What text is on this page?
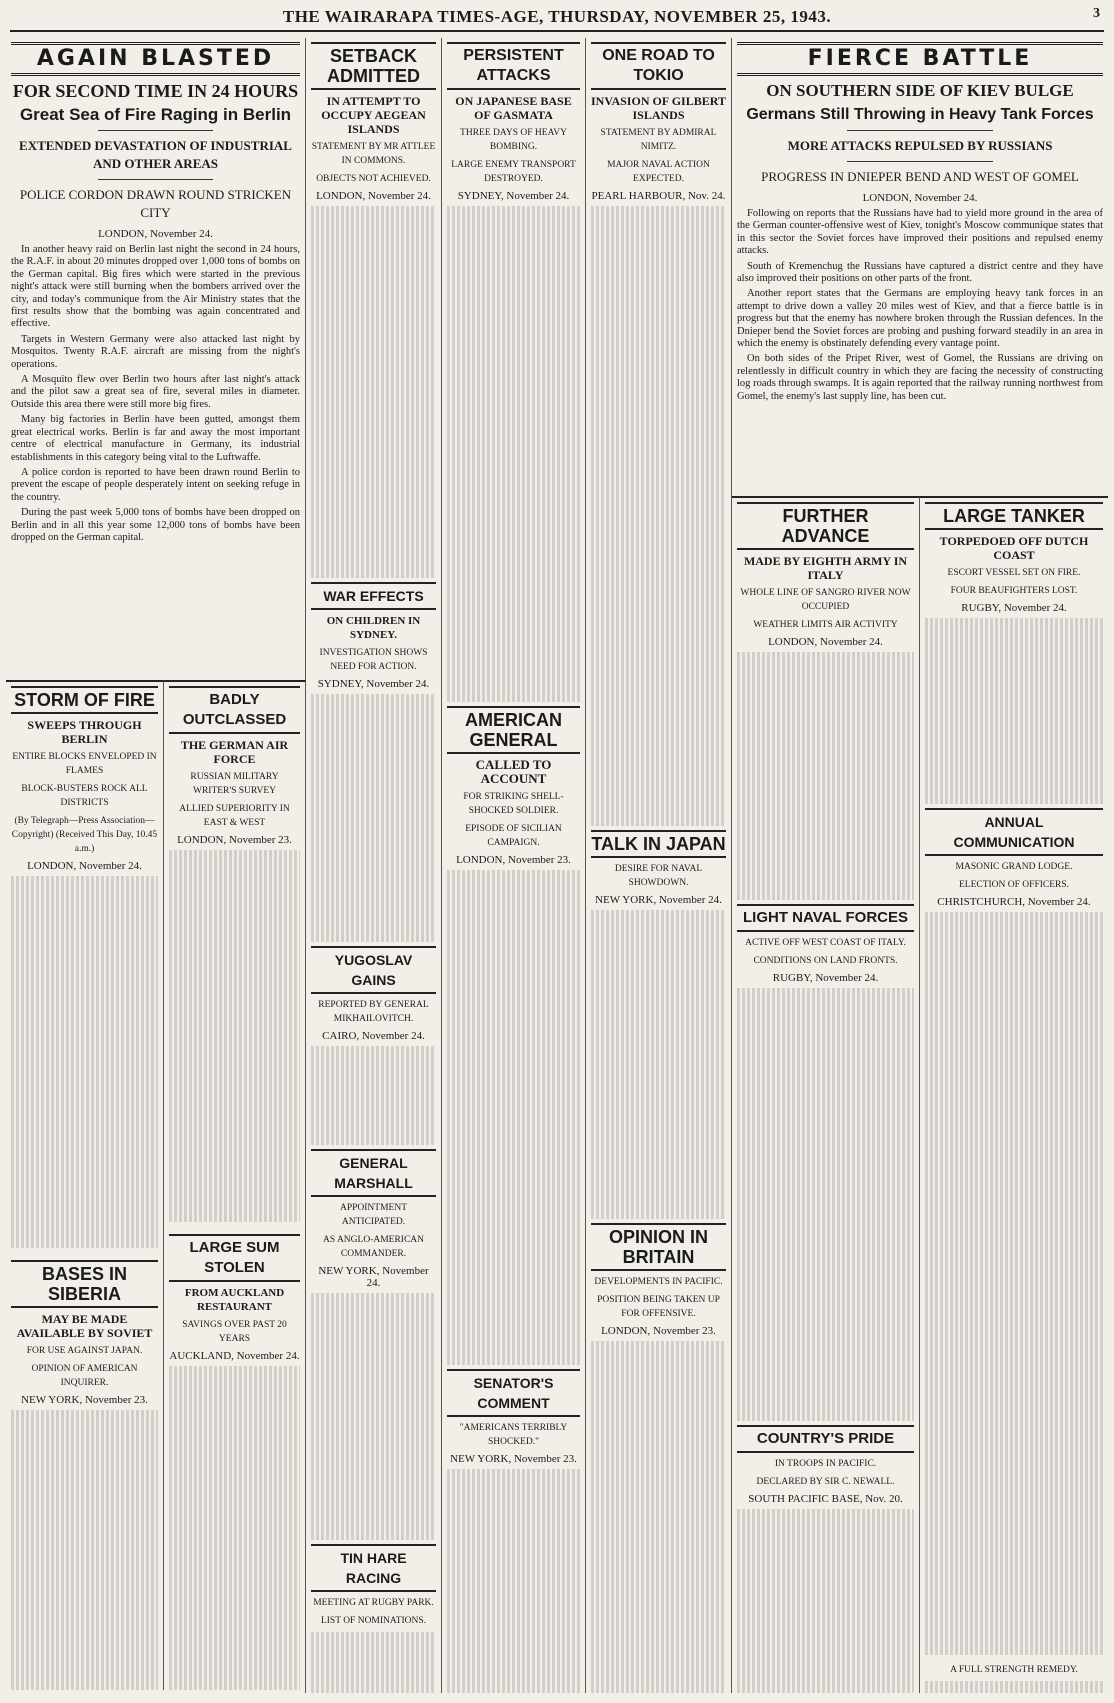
THE WAIRARAPA TIMES-AGE, THURSDAY, NOVEMBER 25, 1943.	3
AGAIN BLASTED
FOR SECOND TIME IN 24 HOURS
Great Sea of Fire Raging in Berlin
EXTENDED DEVASTATION OF INDUSTRIAL AND OTHER AREAS
POLICE CORDON DRAWN ROUND STRICKEN CITY
LONDON, November 24.

In another heavy raid on Berlin last night the second in 24 hours, the R.A.F. in about 20 minutes dropped over 1,000 tons of bombs on the German capital. Big fires which were started in the previous night's attack were still burning when the bombers arrived over the city, and today's communique from the Air Ministry states that the first results show that the bombing was again concentrated and effective.

Targets in Western Germany were also attacked last night by Mosquitos. Twenty R.A.F. aircraft are missing from the night's operations.

A Mosquito flew over Berlin two hours after last night's attack and the pilot saw a great sea of fire, several miles in diameter. Outside this area there were still more big fires.

Many big factories in Berlin have been gutted, amongst them great electrical works. Berlin is far and away the most important centre of electrical manufacture in Germany, its industrial establishments in this category being vital to the Luftwaffe.

A police cordon is reported to have been drawn round Berlin to prevent the escape of people desperately intent on seeking refuge in the country.

During the past week 5,000 tons of bombs have been dropped on Berlin and in all this year some 12,000 tons of bombs have been dropped on the German capital.

STORM OF FIRE
SWEEPS THROUGH BERLIN
ENTIRE BLOCKS ENVELOPED IN FLAMES
BLOCK-BUSTERS ROCK ALL DISTRICTS
(By Telegraph—Press Association—Copyright) (Received This Day, 10.45 a.m.)
LONDON, November 24.
BASES IN SIBERIA
MAY BE MADE AVAILABLE BY SOVIET
FOR USE AGAINST JAPAN.
OPINION OF AMERICAN INQUIRER.
NEW YORK, November 23.
BADLY OUTCLASSED
THE GERMAN AIR FORCE
RUSSIAN MILITARY WRITER'S SURVEY
ALLIED SUPERIORITY IN EAST & WEST
LONDON, November 23.
LARGE SUM STOLEN
FROM AUCKLAND RESTAURANT
SAVINGS OVER PAST 20 YEARS
AUCKLAND, November 24.
SETBACK ADMITTED
IN ATTEMPT TO OCCUPY AEGEAN ISLANDS
STATEMENT BY MR ATTLEE IN COMMONS.
OBJECTS NOT ACHIEVED.
LONDON, November 24.
WAR EFFECTS
ON CHILDREN IN SYDNEY.
INVESTIGATION SHOWS NEED FOR ACTION.
SYDNEY, November 24.
YUGOSLAV GAINS
REPORTED BY GENERAL MIKHAILOVITCH.
CAIRO, November 24.
GENERAL MARSHALL
APPOINTMENT ANTICIPATED.
AS ANGLO-AMERICAN COMMANDER.
NEW YORK, November 24.
TIN HARE RACING
MEETING AT RUGBY PARK.
LIST OF NOMINATIONS.
PERSISTENT ATTACKS
ON JAPANESE BASE OF GASMATA
THREE DAYS OF HEAVY BOMBING.
LARGE ENEMY TRANSPORT DESTROYED.
SYDNEY, November 24.
AMERICAN GENERAL
CALLED TO ACCOUNT
FOR STRIKING SHELL-SHOCKED SOLDIER.
EPISODE OF SICILIAN CAMPAIGN.
LONDON, November 23.
SENATOR'S COMMENT
"AMERICANS TERRIBLY SHOCKED."
NEW YORK, November 23.
ONE ROAD TO TOKIO
INVASION OF GILBERT ISLANDS
STATEMENT BY ADMIRAL NIMITZ.
MAJOR NAVAL ACTION EXPECTED.
PEARL HARBOUR, Nov. 24.
TALK IN JAPAN
DESIRE FOR NAVAL SHOWDOWN.
NEW YORK, November 24.
OPINION IN BRITAIN
DEVELOPMENTS IN PACIFIC.
POSITION BEING TAKEN UP FOR OFFENSIVE.
LONDON, November 23.
FIERCE BATTLE
ON SOUTHERN SIDE OF KIEV BULGE
Germans Still Throwing in Heavy Tank Forces
MORE ATTACKS REPULSED BY RUSSIANS
PROGRESS IN DNIEPER BEND AND WEST OF GOMEL
LONDON, November 24.

Following on reports that the Russians have had to yield more ground in the area of the German counter-offensive west of Kiev, tonight's Moscow communique states that in this sector the Soviet forces have improved their positions and repulsed enemy attacks.

South of Kremenchug the Russians have captured a district centre and they have also improved their positions on other parts of the front.

Another report states that the Germans are employing heavy tank forces in an attempt to drive down a valley 20 miles west of Kiev, and that a fierce battle is in progress but that the enemy has nowhere broken through the Russian defences. In the Dnieper bend the Soviet forces are probing and pushing forward steadily in an area in which the enemy is obstinately defending every vantage point.

On both sides of the Pripet River, west of Gomel, the Russians are driving on relentlessly in difficult country in which they are facing the necessity of constructing log roads through swamps. It is again reported that the railway running northwest from Gomel, the enemy's last supply line, has been cut.

FURTHER ADVANCE
MADE BY EIGHTH ARMY IN ITALY
WHOLE LINE OF SANGRO RIVER NOW OCCUPIED
WEATHER LIMITS AIR ACTIVITY
LONDON, November 24.
LIGHT NAVAL FORCES
ACTIVE OFF WEST COAST OF ITALY.
CONDITIONS ON LAND FRONTS.
RUGBY, November 24.
COUNTRY'S PRIDE
IN TROOPS IN PACIFIC.
DECLARED BY SIR C. NEWALL.
SOUTH PACIFIC BASE, Nov. 20.
LARGE TANKER
TORPEDOED OFF DUTCH COAST
ESCORT VESSEL SET ON FIRE.
FOUR BEAUFIGHTERS LOST.
RUGBY, November 24.
ANNUAL COMMUNICATION
MASONIC GRAND LODGE.
ELECTION OF OFFICERS.
CHRISTCHURCH, November 24.
A FULL STRENGTH REMEDY.
